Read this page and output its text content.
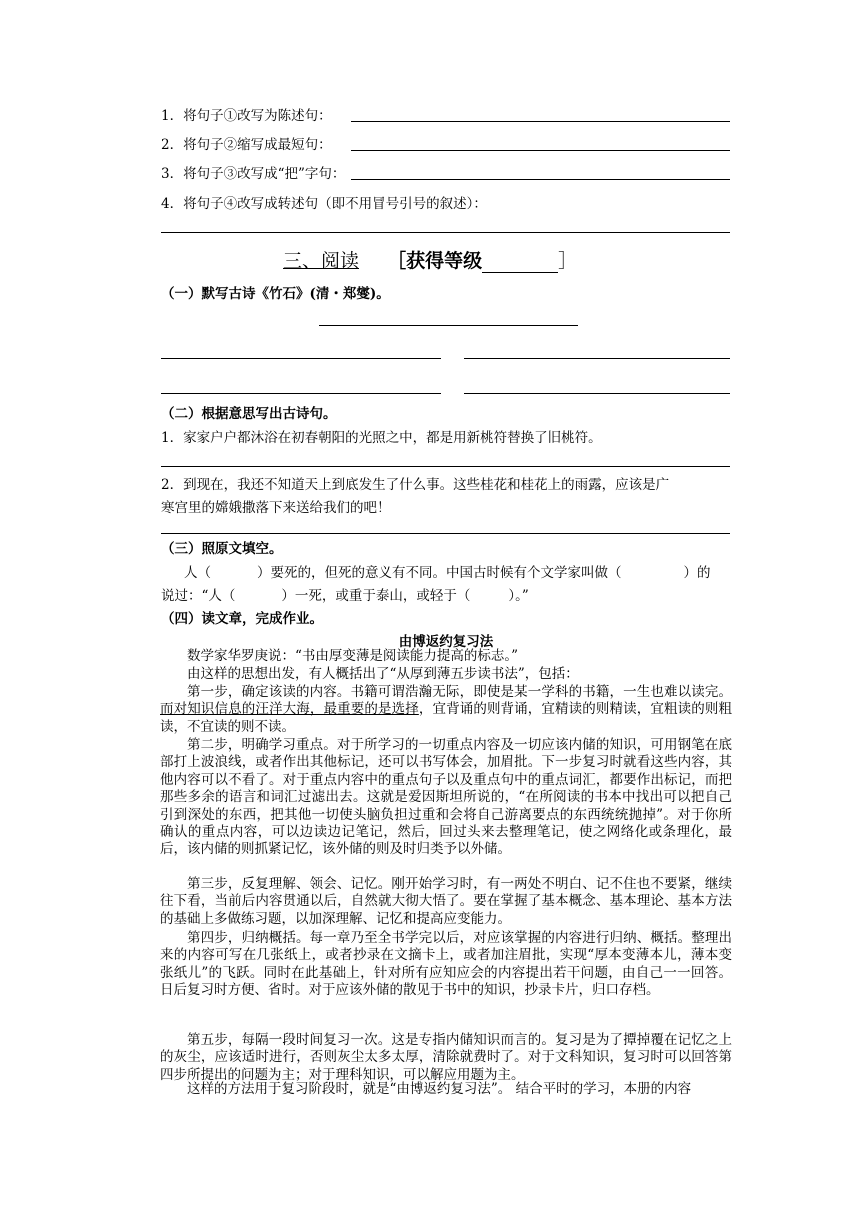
1．将句子①改写为陈述句：
2．将句子②缩写成最短句：
3．将句子③改写成“把”字句：
4．将句子④改写成转述句（即不用冒号引号的叙述）：
三、阅读 ［获得等级	］
（一）默写古诗《竹石》(清・郑燮)。
（二）根据意思写出古诗句。
1．家家户户都沐浴在初春朝阳的光照之中，都是用新桃符替换了旧桃符。
2．到现在，我还不知道天上到底发生了什么事。这些桂花和桂花上的雨露，应该是广
寒宫里的嫦娥撒落下来送给我们的吧！
（三）照原文填空。
人（	）要死的，但死的意义有不同。中国古时候有个文学家叫做（	）的
说过：“人（	）一死，或重于泰山，或轻于（	）。”
（四）读文章，完成作业。
由博返约复习法
数学家华罗庚说：“书由厚变薄是阅读能力提高的标志。”
由这样的思想出发，有人概括出了“从厚到薄五步读书法”，包括：
第一步，确定该读的内容。书籍可谓浩瀚无际，即使是某一学科的书籍，一生也难以读完。而对知识信息的汪洋大海，最重要的是选择，宜背诵的则背诵，宜精读的则精读，宜粗读的则粗读，不宜读的则不读。
第二步，明确学习重点。对于所学习的一切重点内容及一切应该内储的知识，可用钢笔在底部打上波浪线，或者作出其他标记，还可以书写体会，加眉批。下一步复习时就看这些内容，其他内容可以不看了。对于重点内容中的重点句子以及重点句中的重点词汇，都要作出标记，而把那些多余的语言和词汇过滤出去。这就是爱因斯坦所说的，“在所阅读的书本中找出可以把自己引到深处的东西，把其他一切使头脑负担过重和会将自己游离要点的东西统统抛掉”。对于你所确认的重点内容，可以边读边记笔记，然后，回过头来去整理笔记，使之网络化或条理化，最后，该内储的则抓紧记忆，该外储的则及时归类予以外储。
第三步，反复理解、领会、记忆。刚开始学习时，有一两处不明白、记不住也不要紧，继续往下看，当前后内容贯通以后，自然就大彻大悟了。要在掌握了基本概念、基本理论、基本方法的基础上多做练习题，以加深理解、记忆和提高应变能力。
第四步，归纳概括。每一章乃至全书学完以后，对应该掌握的内容进行归纳、概括。整理出来的内容可写在几张纸上，或者抄录在文摘卡上，或者加注眉批，实现“厚本变薄本儿，薄本变张纸儿”的飞跃。同时在此基础上，针对所有应知应会的内容提出若干问题，由自己一一回答。日后复习时方便、省时。对于应该外储的散见于书中的知识，抄录卡片，归口存档。
第五步，每隔一段时间复习一次。这是专指内储知识而言的。复习是为了撢掉覆在记忆之上的灰尘，应该适时进行，否则灰尘太多太厚，清除就费时了。对于文科知识，复习时可以回答第四步所提出的问题为主；对于理科知识，可以解应用题为主。
这样的方法用于复习阶段时，就是“由博返约复习法”。 结合平时的学习，本册的内容
